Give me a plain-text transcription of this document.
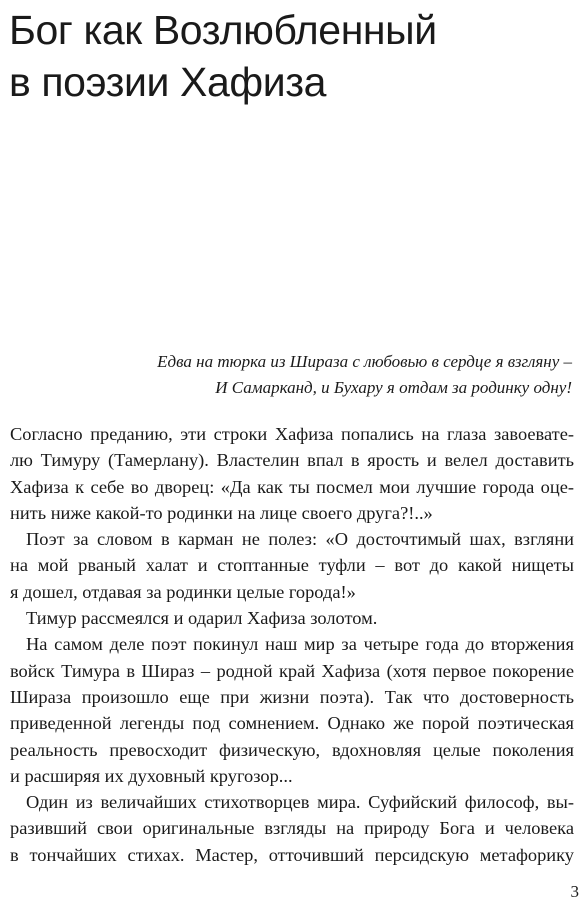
Бог как Возлюбленный
в поэзии Хафиза
Едва на тюрка из Шираза с любовью в сердце я взгляну –
И Самарканд, и Бухару я отдам за родинку одну!
Согласно преданию, эти строки Хафиза попались на глаза завоевате-
лю Тимуру (Тамерлану). Властелин впал в ярость и велел доставить
Хафиза к себе во дворец: «Да как ты посмел мои лучшие города оце-
нить ниже какой-то родинки на лице своего друга?!..»
Поэт за словом в карман не полез: «О досточтимый шах, взгляни
на мой рваный халат и стоптанные туфли – вот до какой нищеты
я дошел, отдавая за родинки целые города!»
Тимур рассмеялся и одарил Хафиза золотом.
На самом деле поэт покинул наш мир за четыре года до вторжения
войск Тимура в Шираз – родной край Хафиза (хотя первое покорение
Шираза произошло еще при жизни поэта). Так что достоверность
приведенной легенды под сомнением. Однако же порой поэтическая
реальность превосходит физическую, вдохновляя целые поколения
и расширяя их духовный кругозор...
Один из величайших стихотворцев мира. Суфийский философ, вы-
разивший свои оригинальные взгляды на природу Бога и человека
в тончайших стихах. Мастер, отточивший персидскую метафорику
3
